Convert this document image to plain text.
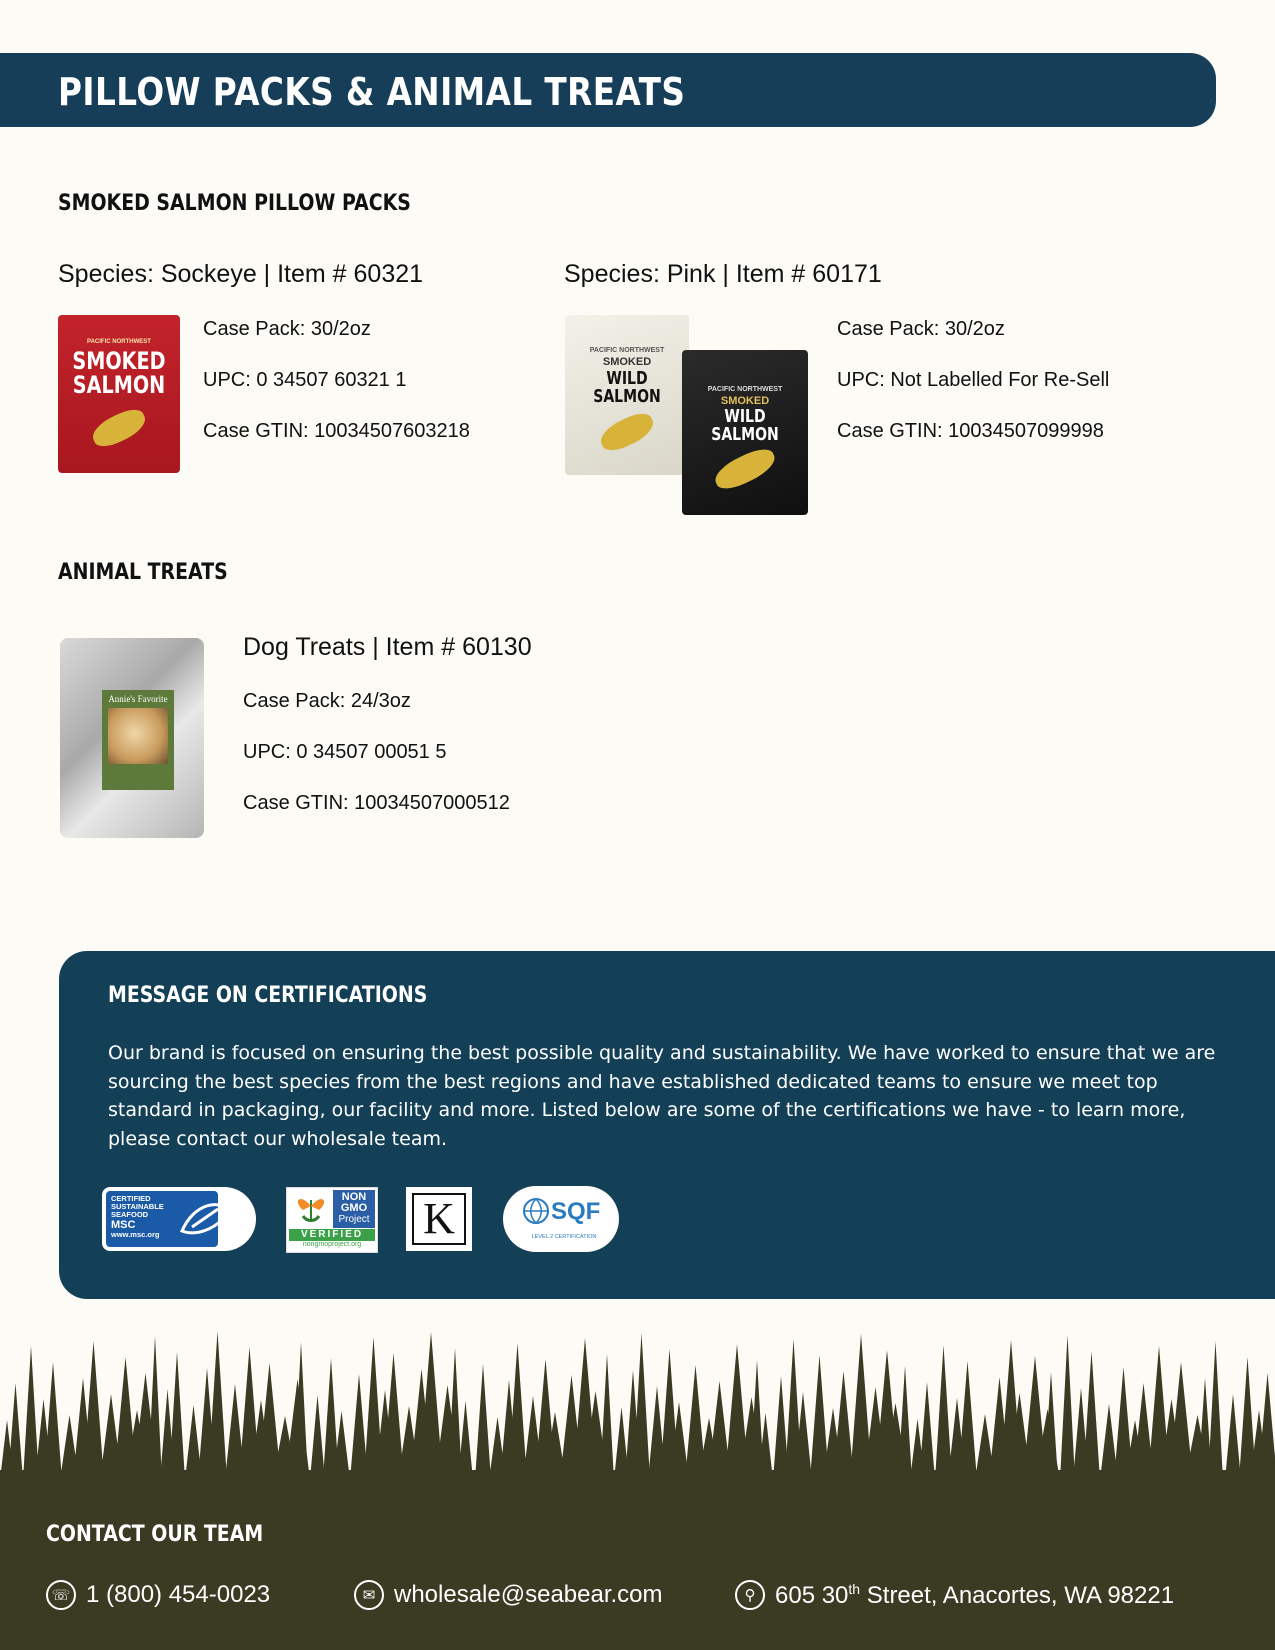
PILLOW PACKS & ANIMAL TREATS
SMOKED SALMON PILLOW PACKS
Species: Sockeye | Item # 60321
PACIFIC NORTHWEST
SMOKED
SALMON
Case Pack: 30/2oz
UPC: 0 34507 60321 1
Case GTIN: 10034507603218
Species: Pink | Item # 60171
PACIFIC NORTHWEST
SMOKED
WILD SALMON	PACIFIC NORTHWEST
SMOKED
WILD SALMON
Case Pack: 30/2oz
UPC: Not Labelled For Re-Sell
Case GTIN: 10034507099998
ANIMAL TREATS
Annie's Favorite
Dog Treats | Item # 60130
Case Pack: 24/3oz
UPC: 0 34507 00051 5
Case GTIN: 10034507000512
MESSAGE ON CERTIFICATIONS
Our brand is focused on ensuring the best possible quality and sustainability. We have worked to ensure that we are sourcing the best species from the best regions and have established dedicated teams to ensure we meet top standard in packaging, our facility and more. Listed below are some of the certifications we have - to learn more, please contact our wholesale team.
CERTIFIED
SUSTAINABLE
SEAFOOD
MSC
www.msc.org
NON
GMO
Project
VERIFIED
nongmoproject.org
K	SQF
LEVEL 2 CERTIFICATION
CONTACT OUR TEAM
☏ 1 (800) 454-0023	✉ wholesale@seabear.com	⚲ 605 30th Street, Anacortes, WA 98221
